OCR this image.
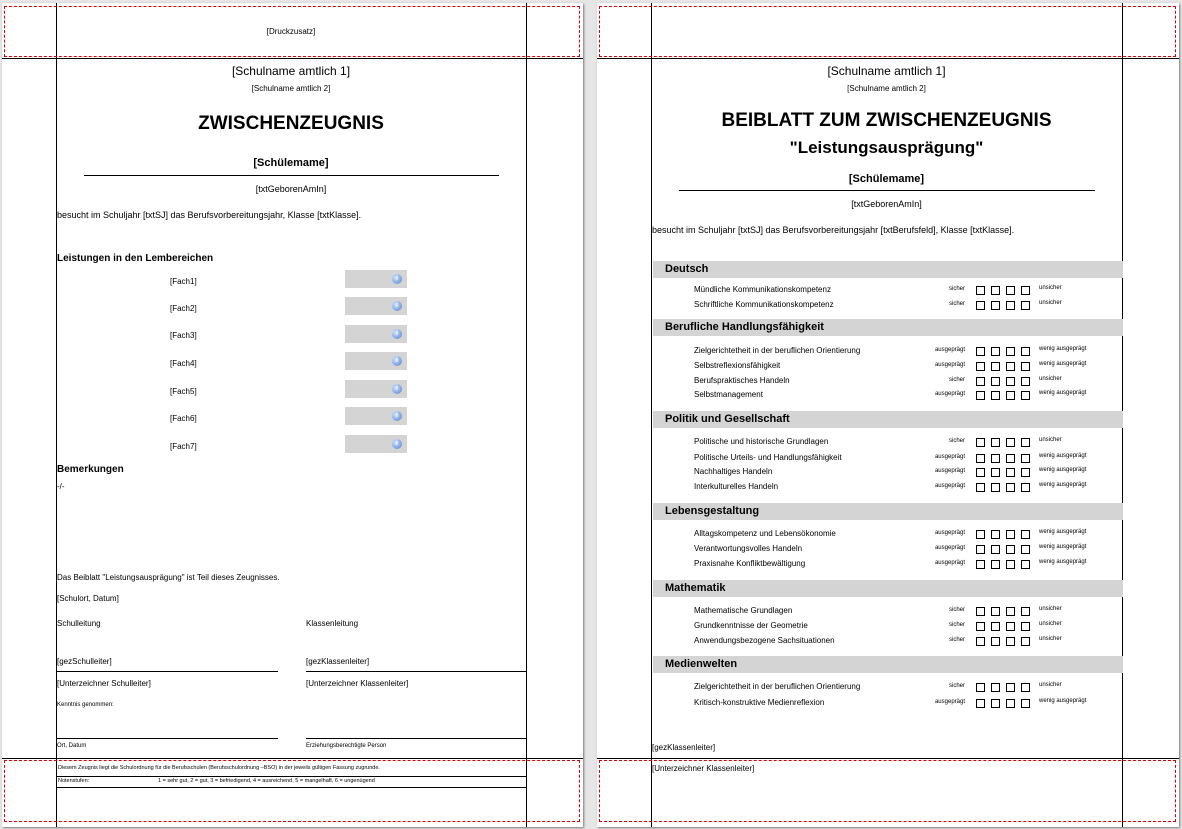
[Druckzusatz]
[Schulname amtlich 1]
[Schulname amtlich 2]
ZWISCHENZEUGNIS
[Schülemame]
[txtGeborenAmIn]
besucht im Schuljahr [txtSJ] das Berufsvorbereitungsjahr, Klasse [txtKlasse].
Leistungen in den Lembereichen
[Fach1]	i
[Fach2]	i
[Fach3]	i
[Fach4]	i
[Fach5]	i
[Fach6]	i
[Fach7]	i
Bemerkungen
-/-
Das Beiblatt "Leistungsausprägung" ist Teil dieses Zeugnisses.
[Schulort, Datum]
Schulleitung	Klassenleitung
[gezSchulleiter]	[gezKlassenleiter]
[Unterzeichner Schulleiter]	[Unterzeichner Klassenleiter]
Kenntnis genommen:
Ort, Datum	Erziehungsberechtigte Person
Diesem Zeugnis liegt die Schulordnung für die Berufsschulen (Berufsschulordnung –BSO) in der jeweils gültigen Fassung zugrunde.
Notenstufen:	1 = sehr gut, 2 = gut, 3 = befriedigend, 4 = ausreichend, 5 = mangelhaft, 6 = ungenügend
[Schulname amtlich 1]
[Schulname amtlich 2]
BEIBLATT ZUM ZWISCHENZEUGNIS
"Leistungsausprägung"
[Schülemame]
[txtGeborenAmIn]
besucht im Schuljahr [txtSJ] das Berufsvorbereitungsjahr [txtBerufsfeld], Klasse [txtKlasse].
Deutsch
Mündliche Kommunikationskompetenz	sicher	unsicher
Schriftliche Kommunikationskompetenz	sicher	unsicher
Berufliche Handlungsfähigkeit
Zielgerichtetheit in der beruflichen Orientierung	ausgeprägt	wenig ausgeprägt
Selbstreflexionsfähigkeit	ausgeprägt	wenig ausgeprägt
Berufspraktisches Handeln	sicher	unsicher
Selbstmanagement	ausgeprägt	wenig ausgeprägt
Politik und Gesellschaft
Politische und historische Grundlagen	sicher	unsicher
Politische Urteils- und Handlungsfähigkeit	ausgeprägt	wenig ausgeprägt
Nachhaltiges Handeln	ausgeprägt	wenig ausgeprägt
Interkulturelles Handeln	ausgeprägt	wenig ausgeprägt
Lebensgestaltung
Alltagskompetenz und Lebensökonomie	ausgeprägt	wenig ausgeprägt
Verantwortungsvolles Handeln	ausgeprägt	wenig ausgeprägt
Praxisnahe Konfliktbewältigung	ausgeprägt	wenig ausgeprägt
Mathematik
Mathematische Grundlagen	sicher	unsicher
Grundkenntnisse der Geometrie	sicher	unsicher
Anwendungsbezogene Sachsituationen	sicher	unsicher
Medienwelten
Zielgerichtetheit in der beruflichen Orientierung	sicher	unsicher
Kritisch-konstruktive Medienreflexion	ausgeprägt	wenig ausgeprägt
[gezKlassenleiter]
[Unterzeichner Klassenleiter]
